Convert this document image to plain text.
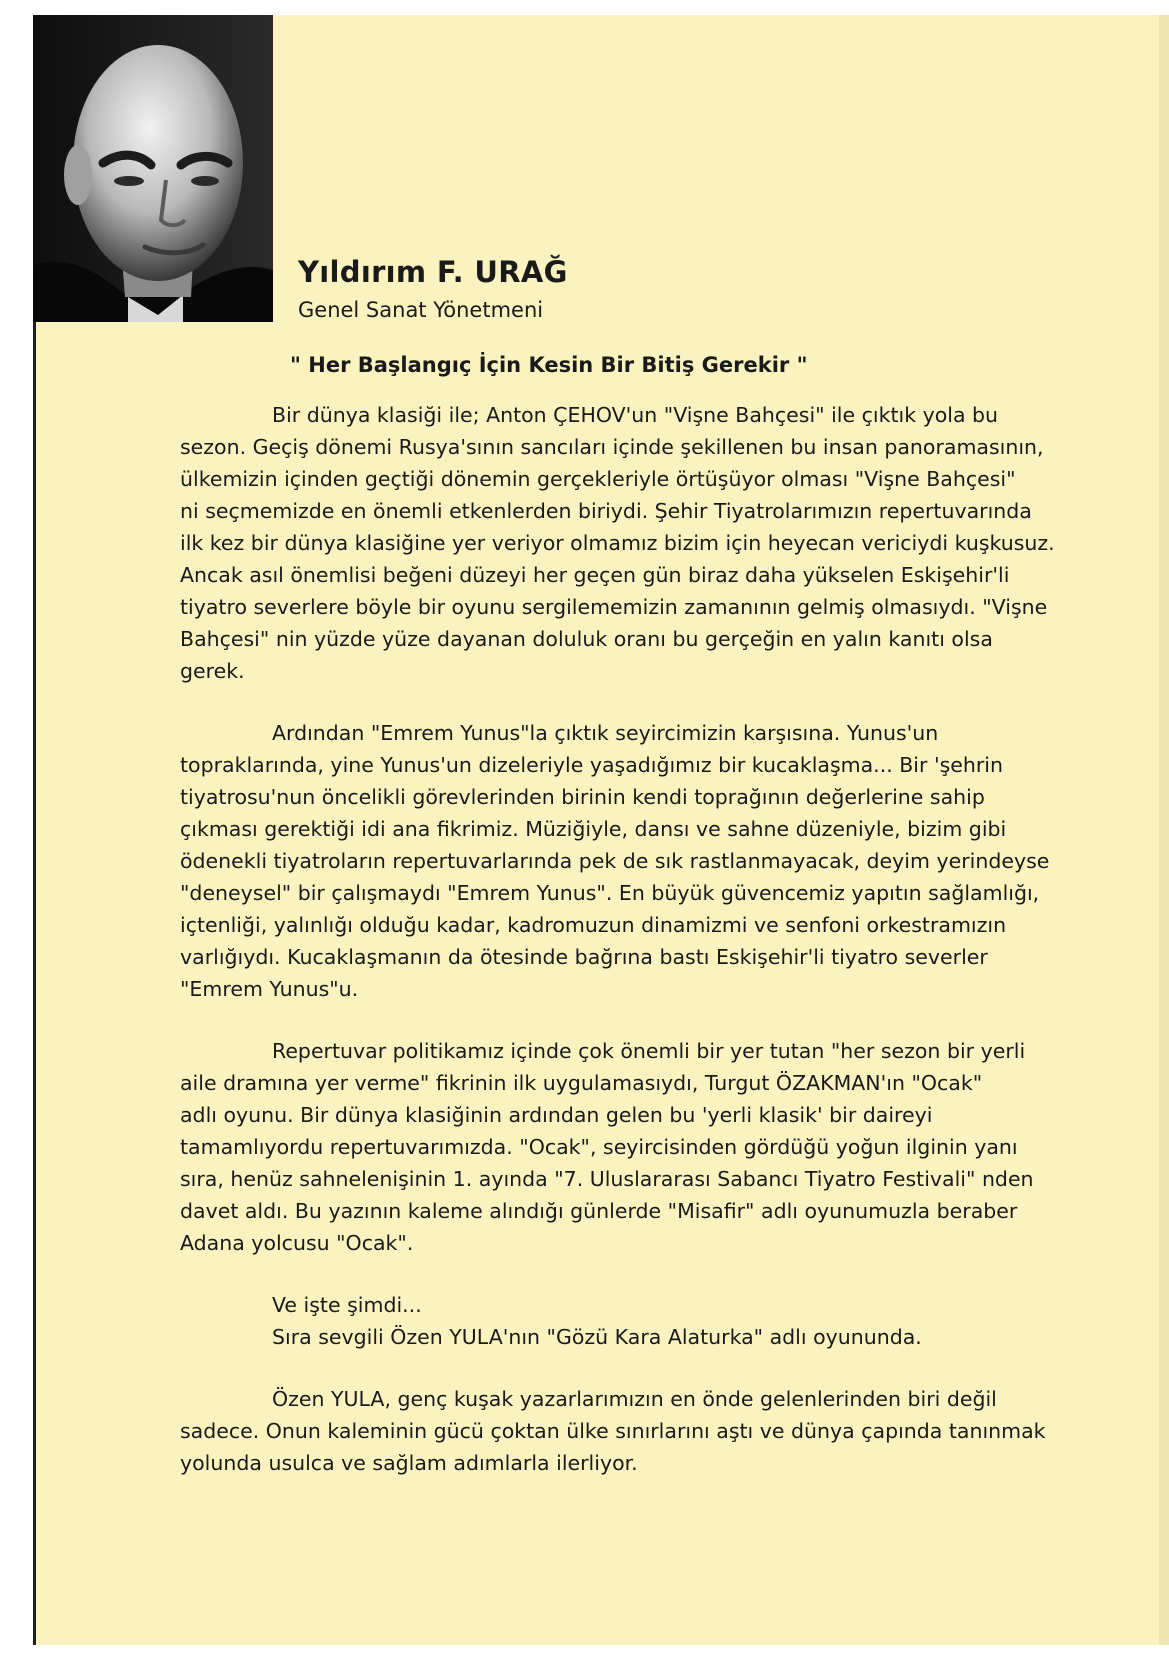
Yıldırım F. URAĞ

Genel Sanat Yönetmeni

" Her Başlangıç İçin Kesin Bir Bitiş Gerekir "

Bir dünya klasiği ile; Anton ÇEHOV'un "Vişne Bahçesi" ile çıktık yola bu

sezon. Geçiş dönemi Rusya'sının sancıları içinde şekillenen bu insan panoramasının,

ülkemizin içinden geçtiği dönemin gerçekleriyle örtüşüyor olması "Vişne Bahçesi"

ni seçmemizde en önemli etkenlerden biriydi. Şehir Tiyatrolarımızın repertuvarında

ilk kez bir dünya klasiğine yer veriyor olmamız bizim için heyecan vericiydi kuşkusuz.

Ancak asıl önemlisi beğeni düzeyi her geçen gün biraz daha yükselen Eskişehir'li

tiyatro severlere böyle bir oyunu sergilememizin zamanının gelmiş olmasıydı. "Vişne

Bahçesi" nin yüzde yüze dayanan doluluk oranı bu gerçeğin en yalın kanıtı olsa

gerek.

Ardından "Emrem Yunus"la çıktık seyircimizin karşısına. Yunus'un

topraklarında, yine Yunus'un dizeleriyle yaşadığımız bir kucaklaşma... Bir 'şehrin

tiyatrosu'nun öncelikli görevlerinden birinin kendi toprağının değerlerine sahip

çıkması gerektiği idi ana fikrimiz. Müziğiyle, dansı ve sahne düzeniyle, bizim gibi

ödenekli tiyatroların repertuvarlarında pek de sık rastlanmayacak, deyim yerindeyse

"deneysel" bir çalışmaydı "Emrem Yunus". En büyük güvencemiz yapıtın sağlamlığı,

içtenliği, yalınlığı olduğu kadar, kadromuzun dinamizmi ve senfoni orkestramızın

varlığıydı. Kucaklaşmanın da ötesinde bağrına bastı Eskişehir'li tiyatro severler

"Emrem Yunus"u.

Repertuvar politikamız içinde çok önemli bir yer tutan "her sezon bir yerli

aile dramına yer verme" fikrinin ilk uygulamasıydı, Turgut ÖZAKMAN'ın "Ocak"

adlı oyunu. Bir dünya klasiğinin ardından gelen bu 'yerli klasik' bir daireyi

tamamlıyordu repertuvarımızda. "Ocak", seyircisinden gördüğü yoğun ilginin yanı

sıra, henüz sahnelenişinin 1. ayında "7. Uluslararası Sabancı Tiyatro Festivali" nden

davet aldı. Bu yazının kaleme alındığı günlerde "Misafir" adlı oyunumuzla beraber

Adana yolcusu "Ocak".

Ve işte şimdi...

Sıra sevgili Özen YULA'nın "Gözü Kara Alaturka" adlı oyununda.

Özen YULA, genç kuşak yazarlarımızın en önde gelenlerinden biri değil

sadece. Onun kaleminin gücü çoktan ülke sınırlarını aştı ve dünya çapında tanınmak

yolunda usulca ve sağlam adımlarla ilerliyor.
